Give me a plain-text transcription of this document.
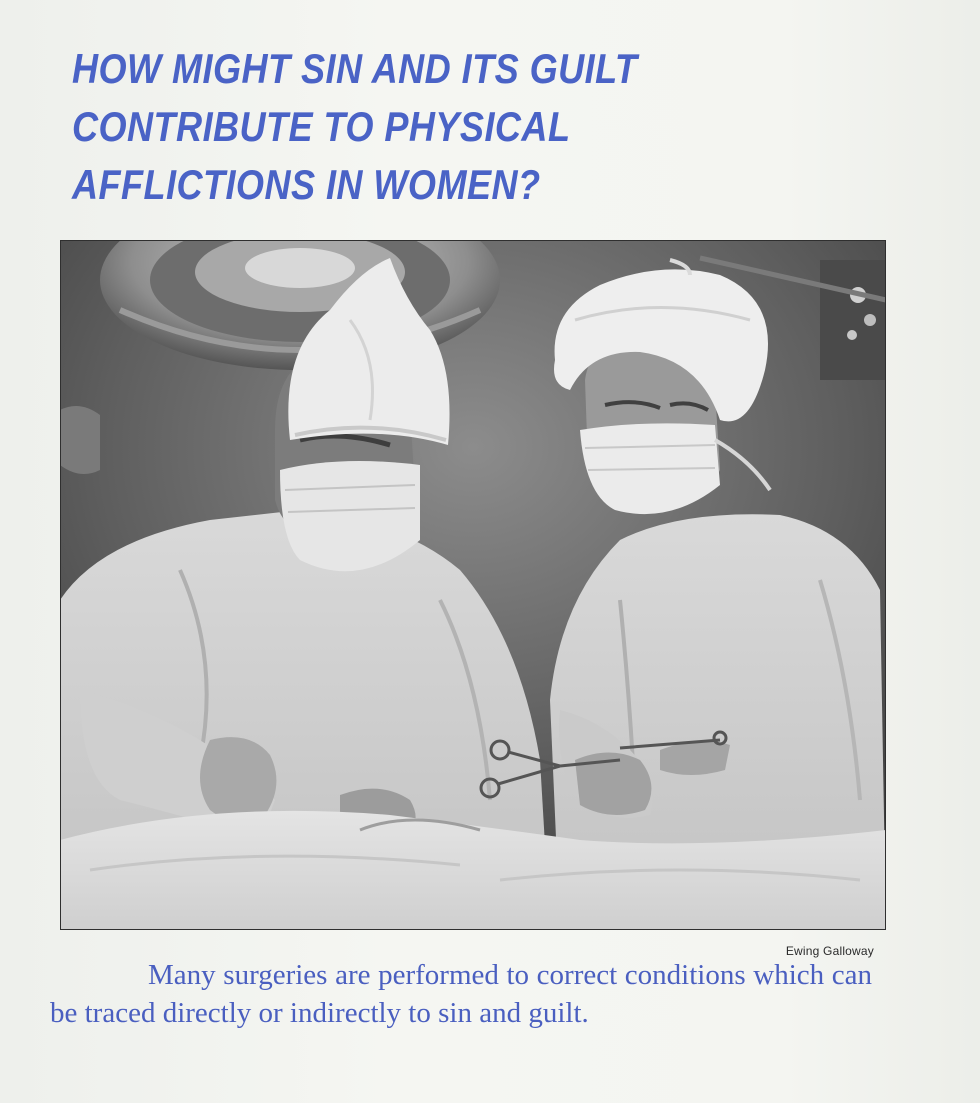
HOW MIGHT SIN AND ITS GUILT
CONTRIBUTE TO PHYSICAL
AFFLICTIONS IN WOMEN?
Ewing Galloway

Many surgeries are performed to correct conditions which can be traced directly or indirectly to sin and guilt.
